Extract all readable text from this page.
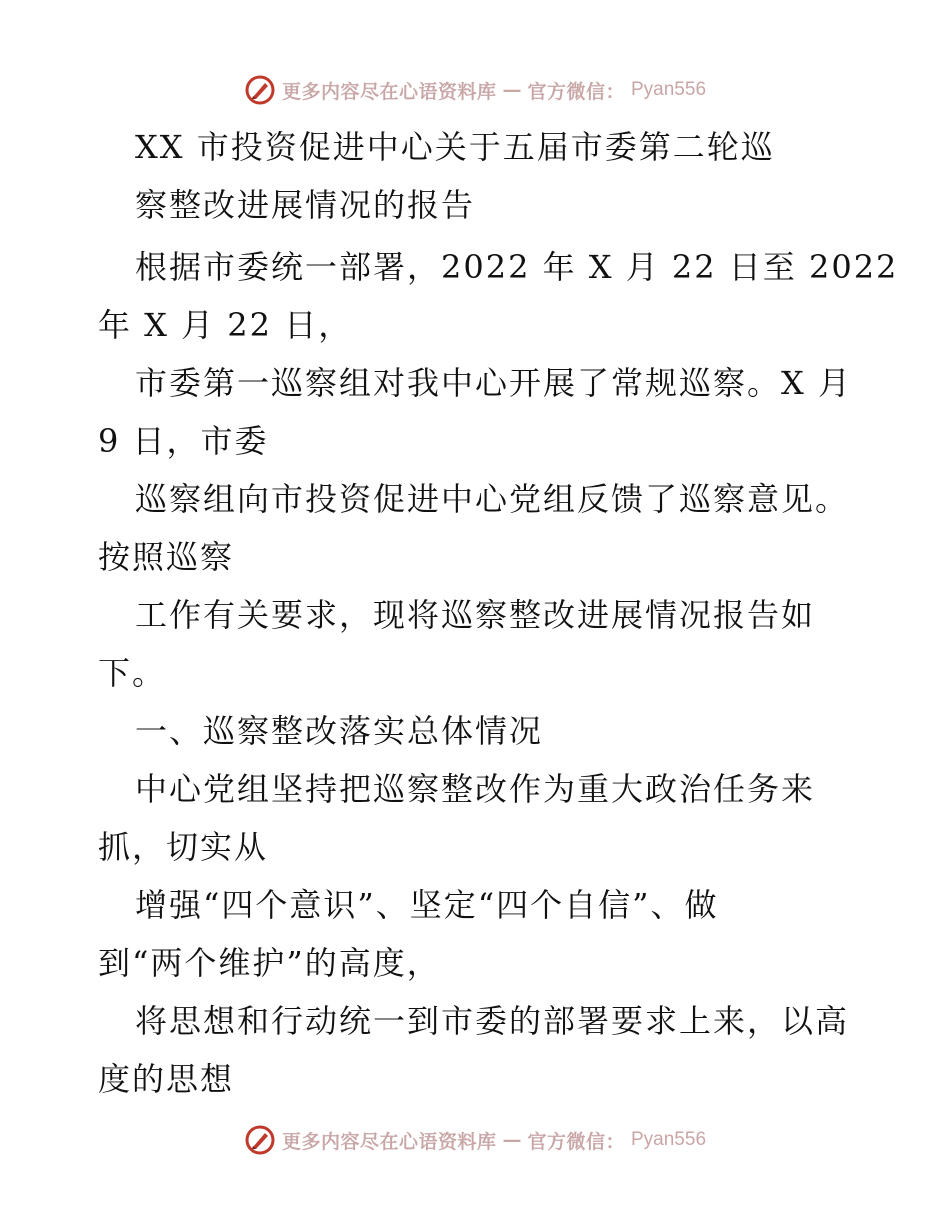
更多内容尽在心语资料库 — 官方微信： Pyan556
XX 市投资促进中心关于五届市委第二轮巡
察整改进展情况的报告
根据市委统一部署，2022 年 X 月 22 日至 2022
年 X 月 22 日，
市委第一巡察组对我中心开展了常规巡察。X 月
9 日，市委
巡察组向市投资促进中心党组反馈了巡察意见。
按照巡察
工作有关要求，现将巡察整改进展情况报告如
下。
一、巡察整改落实总体情况
中心党组坚持把巡察整改作为重大政治任务来
抓，切实从
增强“四个意识”、坚定“四个自信”、做
到“两个维护”的高度，
将思想和行动统一到市委的部署要求上来，以高
度的思想
更多内容尽在心语资料库 — 官方微信： Pyan556
